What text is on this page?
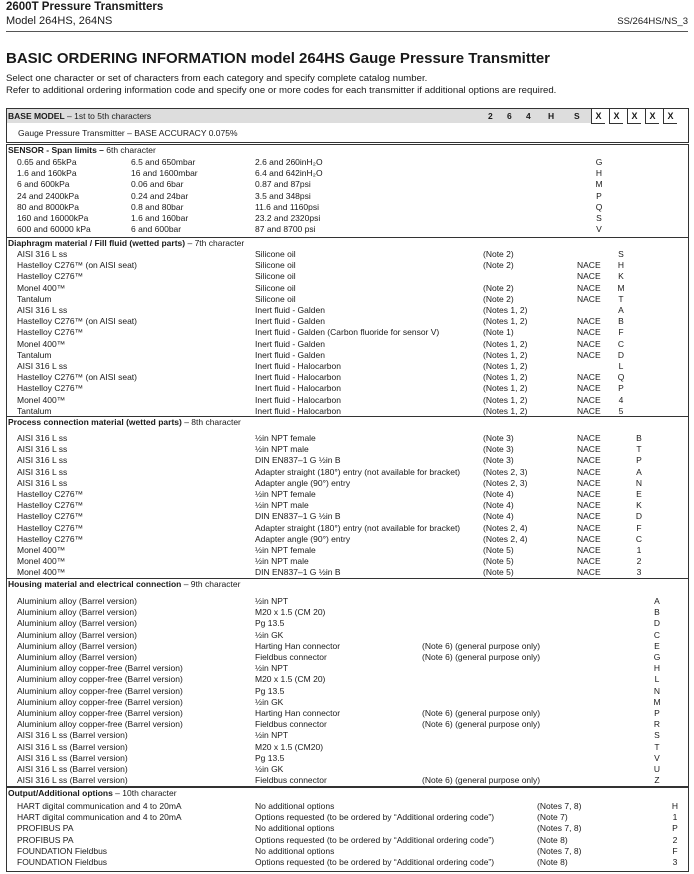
2600T Pressure Transmitters
Model 264HS, 264NS	SS/264HS/NS_3
BASIC ORDERING INFORMATION model 264HS Gauge Pressure Transmitter
Select one character or set of characters from each category and specify complete catalog number.
Refer to additional ordering information code and specify one or more codes for each transmitter if additional options are required.
BASE MODEL – 1st to 5th characters	2 6 4 H S	X	X	X	X	X
Gauge Pressure Transmitter – BASE ACCURACY 0.075%
SENSOR - Span limits – 6th character
0.65 and 65kPa	6.5 and 650mbar	2.6 and 260inH₂O	G
1.6 and 160kPa	16 and 1600mbar	6.4 and 642inH₂O	H
6 and 600kPa	0.06 and 6bar	0.87 and 87psi	M
24 and 2400kPa	0.24 and 24bar	3.5 and 348psi	P
80 and 8000kPa	0.8 and 80bar	11.6 and 1160psi	Q
160 and 16000kPa	1.6 and 160bar	23.2 and 2320psi	S
600 and 60000 kPa	6 and 600bar	87 and 8700 psi	V
Diaphragm material / Fill fluid (wetted parts) – 7th character
AISI 316 L ss	Silicone oil	(Note 2)	S
Hastelloy C276™ (on AISI seat)	Silicone oil	(Note 2)	NACE H
Hastelloy C276™	Silicone oil	NACE K
Monel 400™	Silicone oil	(Note 2)	NACE M
Tantalum	Silicone oil	(Note 2)	NACE T
AISI 316 L ss	Inert fluid - Galden	(Notes 1, 2)	A
Hastelloy C276™ (on AISI seat)	Inert fluid - Galden	(Notes 1, 2)	NACE B
Hastelloy C276™	Inert fluid - Galden (Carbon fluoride for sensor V)	(Note 1)	NACE F
Monel 400™	Inert fluid - Galden	(Notes 1, 2)	NACE C
Tantalum	Inert fluid - Galden	(Notes 1, 2)	NACE D
AISI 316 L ss	Inert fluid - Halocarbon	(Notes 1, 2)	L
Hastelloy C276™ (on AISI seat)	Inert fluid - Halocarbon	(Notes 1, 2)	NACE Q
Hastelloy C276™	Inert fluid - Halocarbon	(Notes 1, 2)	NACE P
Monel 400™	Inert fluid - Halocarbon	(Notes 1, 2)	NACE	4
Tantalum	Inert fluid - Halocarbon	(Notes 1, 2)	NACE	5
Process connection material (wetted parts) – 8th character
AISI 316 L ss	½in NPT female	(Note 3)	NACE	B
AISI 316 L ss	½in NPT male	(Note 3)	NACE	T
AISI 316 L ss	DIN EN837–1 G ½in B	(Note 3)	NACE	P
AISI 316 L ss	Adapter straight (180°) entry (not available for bracket)	(Notes 2, 3)	NACE	A
AISI 316 L ss	Adapter angle (90°) entry	(Notes 2, 3)	NACE	N
Hastelloy C276™	½in NPT female	(Note 4)	NACE	E
Hastelloy C276™	½in NPT male	(Note 4)	NACE	K
Hastelloy C276™	DIN EN837–1 G ½in B	(Note 4)	NACE	D
Hastelloy C276™	Adapter straight (180°) entry (not available for bracket)	(Notes 2, 4)	NACE	F
Hastelloy C276™	Adapter angle (90°) entry	(Notes 2, 4)	NACE	C
Monel 400™	½in NPT female	(Note 5)	NACE	1
Monel 400™	½in NPT male	(Note 5)	NACE	2
Monel 400™	DIN EN837–1 G ½in B	(Note 5)	NACE	3
Housing material and electrical connection – 9th character
Aluminium alloy (Barrel version)	½in NPT	A
Aluminium alloy (Barrel version)	M20 x 1.5 (CM 20)	B
Aluminium alloy (Barrel version)	Pg 13.5	D
Aluminium alloy (Barrel version)	½in GK	C
Aluminium alloy (Barrel version)	Harting Han connector	(Note 6) (general purpose only)	E
Aluminium alloy (Barrel version)	Fieldbus connector	(Note 6) (general purpose only)	G
Aluminium alloy copper-free (Barrel version)	½in NPT	H
Aluminium alloy copper-free (Barrel version)	M20 x 1.5 (CM 20)	L
Aluminium alloy copper-free (Barrel version)	Pg 13.5	N
Aluminium alloy copper-free (Barrel version)	½in GK	M
Aluminium alloy copper-free (Barrel version)	Harting Han connector	(Note 6) (general purpose only)	P
Aluminium alloy copper-free (Barrel version)	Fieldbus connector	(Note 6) (general purpose only)	R
AISI 316 L ss (Barrel version)	½in NPT	S
AISI 316 L ss (Barrel version)	M20 x 1.5 (CM20)	T
AISI 316 L ss (Barrel version)	Pg 13.5	V
AISI 316 L ss (Barrel version)	½in GK	U
AISI 316 L ss (Barrel version)	Fieldbus connector	(Note 6) (general purpose only)	Z
Output/Additional options – 10th character
HART digital communication and 4 to 20mA	No additional options	(Notes 7, 8)	H
HART digital communication and 4 to 20mA	Options requested (to be ordered by “Additional ordering code”)	(Note 7)	1
PROFIBUS PA	No additional options	(Notes 7, 8)	P
PROFIBUS PA	Options requested (to be ordered by “Additional ordering code”)	(Note 8)	2
FOUNDATION Fieldbus	No additional options	(Notes 7, 8)	F
FOUNDATION Fieldbus	Options requested (to be ordered by “Additional ordering code”)	(Note 8)	3
